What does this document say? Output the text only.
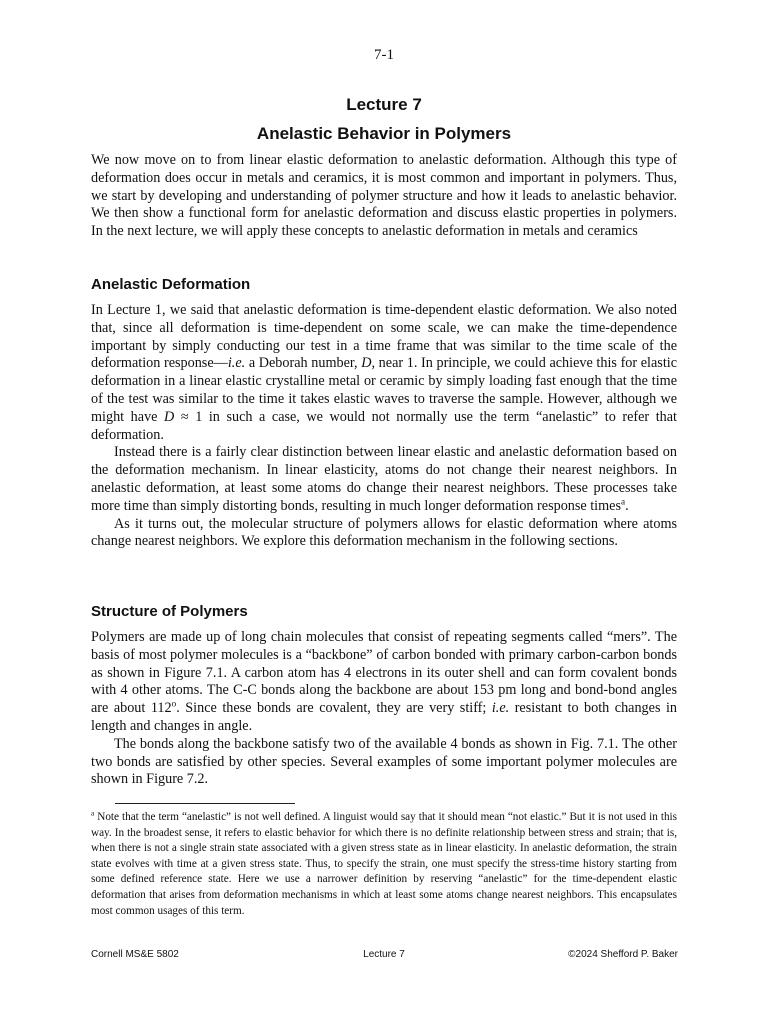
7-1
Lecture 7
Anelastic Behavior in Polymers

We now move on to from linear elastic deformation to anelastic deformation. Although this type of deformation does occur in metals and ceramics, it is most common and important in polymers. Thus, we start by developing and understanding of polymer structure and how it leads to anelastic behavior. We then show a functional form for anelastic deformation and discuss elastic properties in polymers. In the next lecture, we will apply these concepts to anelastic deformation in metals and ceramics

Anelastic Deformation

In Lecture 1, we said that anelastic deformation is time-dependent elastic deformation. We also noted that, since all deformation is time-dependent on some scale, we can make the time-dependence important by simply conducting our test in a time frame that was similar to the time scale of the deformation response—i.e. a Deborah number, D, near 1. In principle, we could achieve this for elastic deformation in a linear elastic crystalline metal or ceramic by simply loading fast enough that the time of the test was similar to the time it takes elastic waves to traverse the sample. However, although we might have D ≈ 1 in such a case, we would not normally use the term “anelastic” to refer that deformation.

Instead there is a fairly clear distinction between linear elastic and anelastic deformation based on the deformation mechanism. In linear elasticity, atoms do not change their nearest neighbors. In anelastic deformation, at least some atoms do change their nearest neighbors. These processes take more time than simply distorting bonds, resulting in much longer deformation response times$^a$.

As it turns out, the molecular structure of polymers allows for elastic deformation where atoms change nearest neighbors. We explore this deformation mechanism in the following sections.

Structure of Polymers

Polymers are made up of long chain molecules that consist of repeating segments called “mers”. The basis of most polymer molecules is a “backbone” of carbon bonded with primary carbon-carbon bonds as shown in Figure 7.1. A carbon atom has 4 electrons in its outer shell and can form covalent bonds with 4 other atoms. The C-C bonds along the backbone are about 153 pm long and bond-bond angles are about 112$^o$. Since these bonds are covalent, they are very stiff; i.e. resistant to both changes in length and changes in angle.

The bonds along the backbone satisfy two of the available 4 bonds as shown in Fig. 7.1. The other two bonds are satisfied by other species. Several examples of some important polymer molecules are shown in Figure 7.2.

$^a$ Note that the term “anelastic” is not well defined. A linguist would say that it should mean “not elastic.” But it is not used in this way. In the broadest sense, it refers to elastic behavior for which there is no definite relationship between stress and strain; that is, when there is not a single strain state associated with a given stress state as in linear elasticity. In anelastic deformation, the strain state evolves with time at a given stress state. Thus, to specify the strain, one must specify the stress-time history starting from some defined reference state. Here we use a narrower definition by reserving “anelastic” for the time-dependent elastic deformation that arises from deformation mechanisms in which at least some atoms change nearest neighbors. This encapsulates most common usages of this term.
Cornell MS&E 5802	Lecture 7	©2024 Shefford P. Baker
